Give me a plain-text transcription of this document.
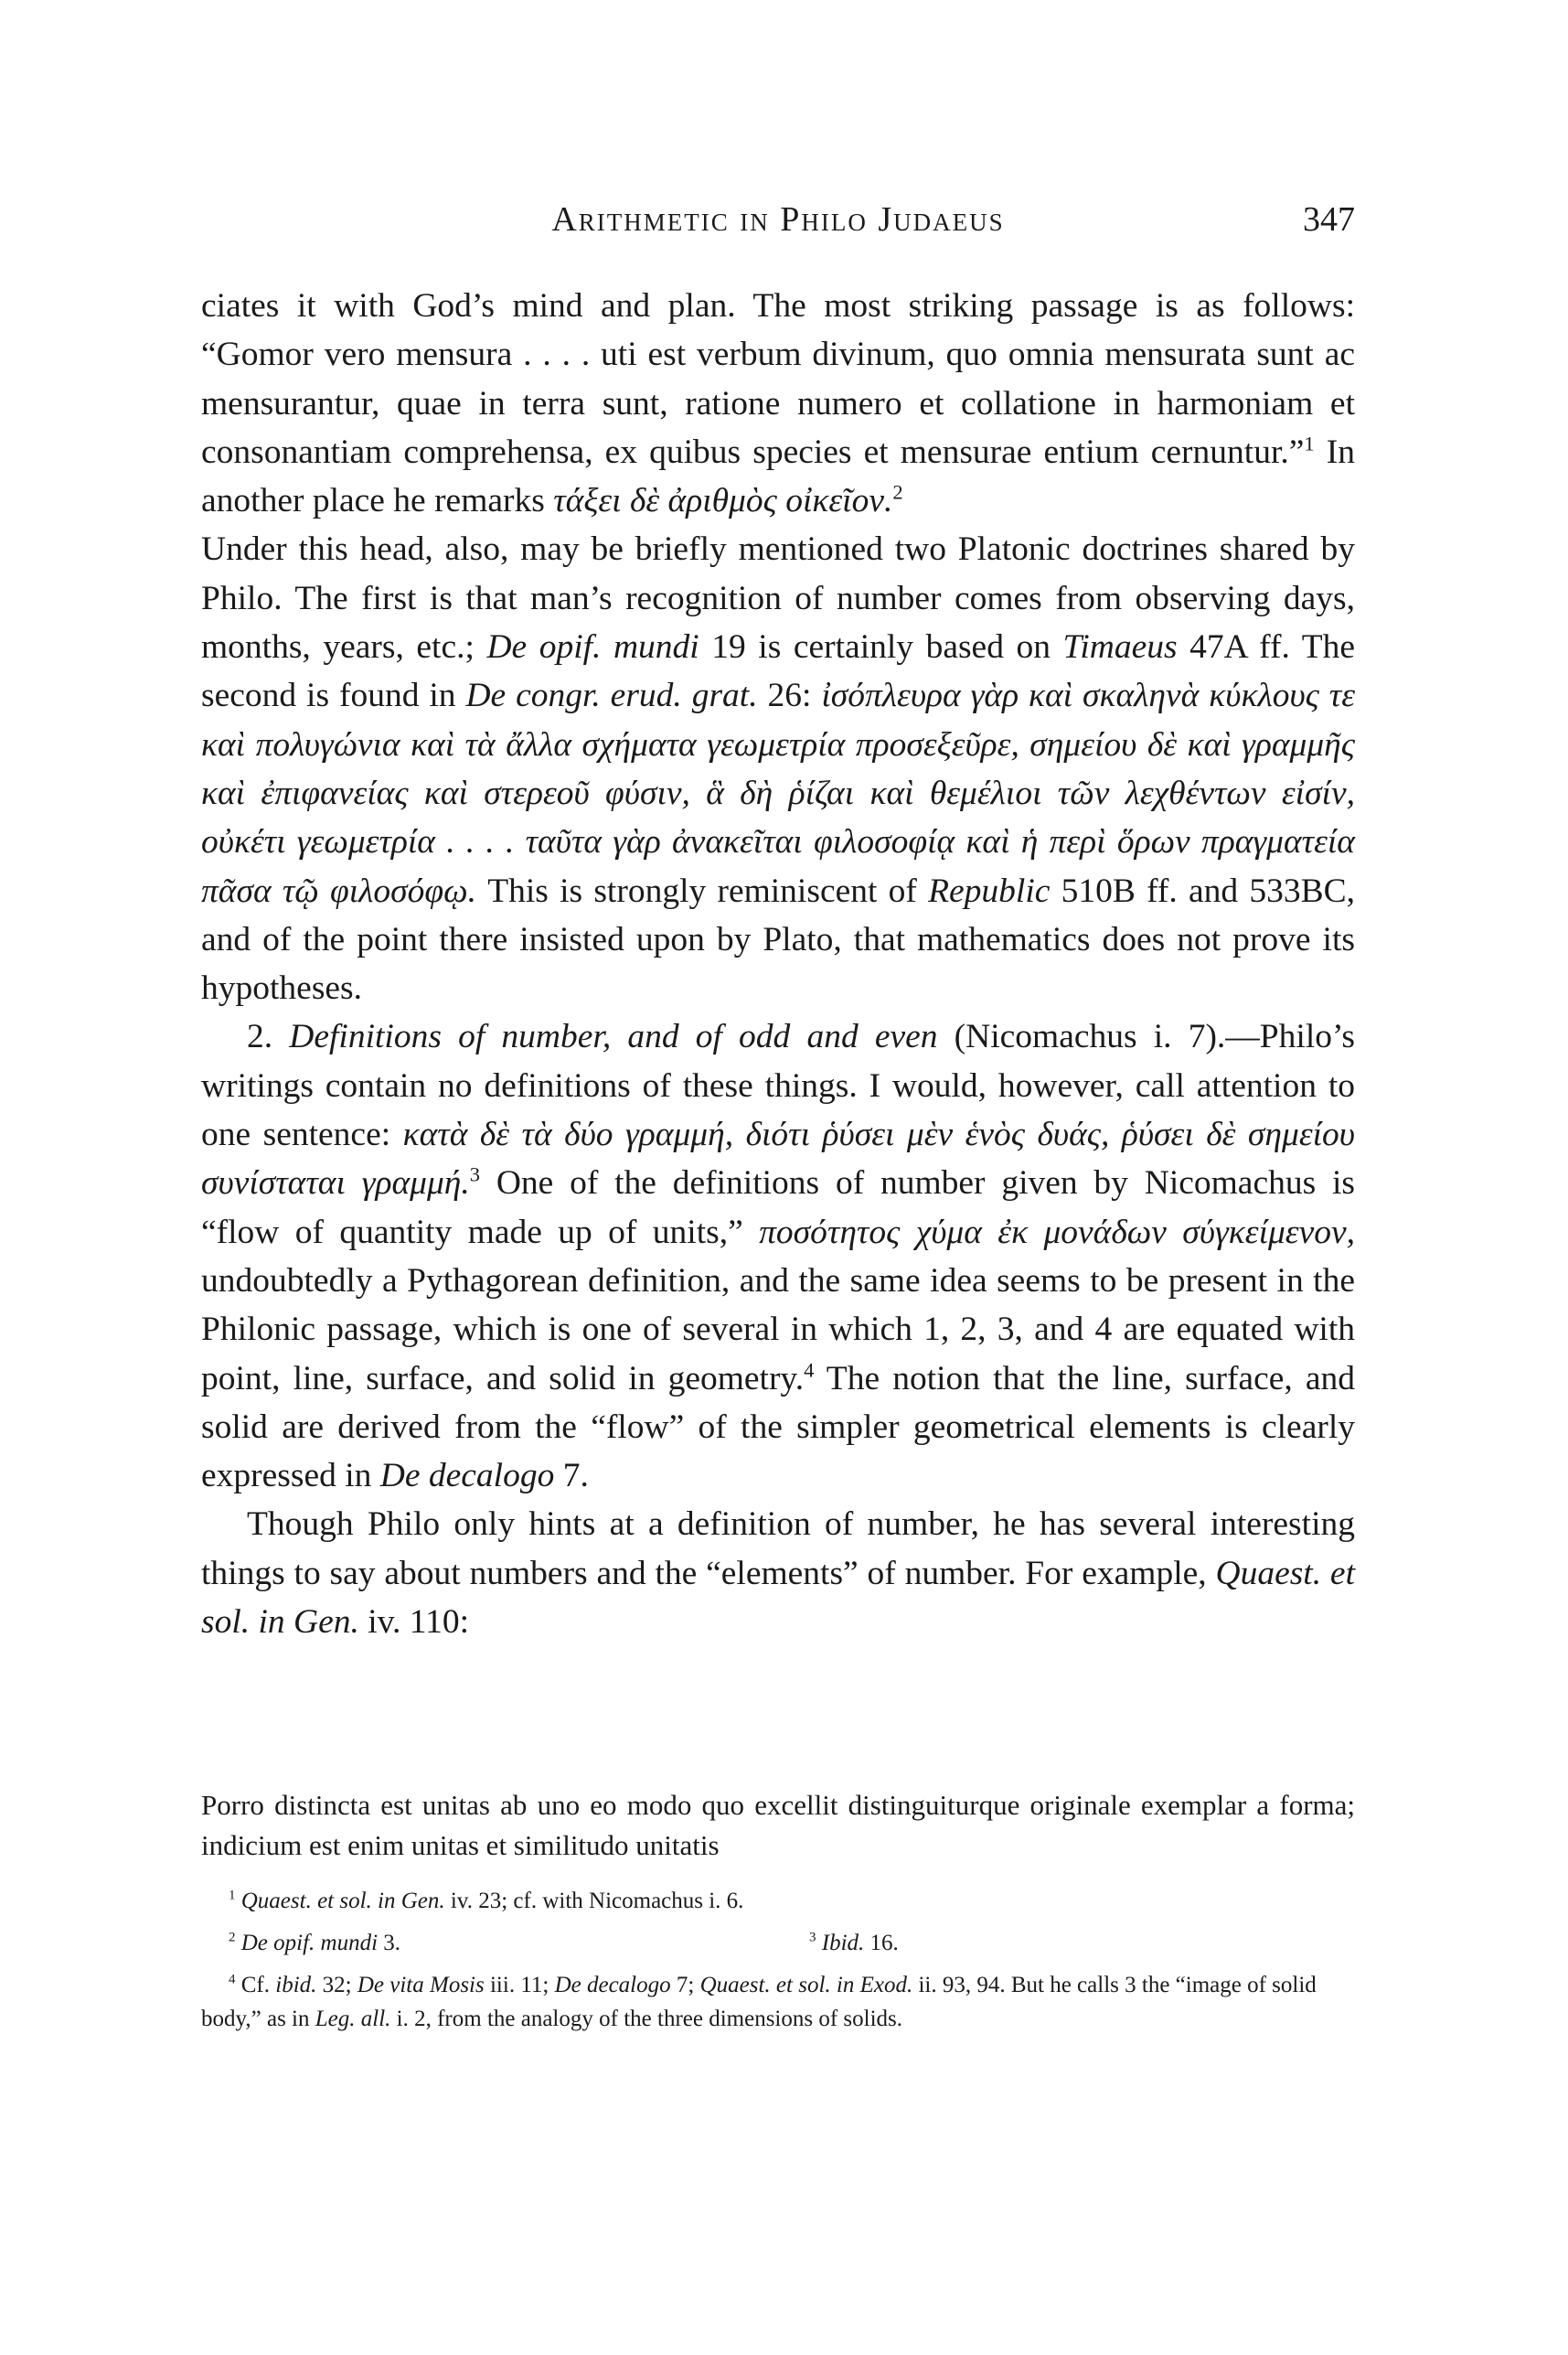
Arithmetic in Philo Judaeus	347

ciates it with God’s mind and plan. The most striking passage is as follows: “Gomor vero mensura . . . . uti est verbum divinum, quo omnia mensurata sunt ac mensurantur, quae in terra sunt, ratione numero et collatione in harmoniam et consonantiam comprehensa, ex quibus species et mensurae entium cernuntur.”$^1$ In another place he remarks τάξει δὲ ἀριθμὸς οἰκεῖον.$^2$

Under this head, also, may be briefly mentioned two Platonic doctrines shared by Philo. The first is that man’s recognition of number comes from observing days, months, years, etc.; De opif. mundi 19 is certainly based on Timaeus 47A ff. The second is found in De congr. erud. grat. 26: ἰσόπλευρα γὰρ καὶ σκαληνὰ κύκλους τε καὶ πολυγώνια καὶ τὰ ἄλλα σχήματα γεωμετρία προσεξεῦρε, σημείου δὲ καὶ γραμμῆς καὶ ἐπιφανείας καὶ στερεοῦ φύσιν, ἃ δὴ ῥίζαι καὶ θεμέλιοι τῶν λεχθέντων εἰσίν, οὐκέτι γεωμετρία . . . . ταῦτα γὰρ ἀνακεῖται φιλοσοφίᾳ καὶ ἡ περὶ ὅρων πραγματεία πᾶσα τῷ φιλοσόφῳ. This is strongly reminiscent of Republic 510B ff. and 533BC, and of the point there insisted upon by Plato, that mathematics does not prove its hypotheses.

2. Definitions of number, and of odd and even (Nicomachus i. 7).—Philo’s writings contain no definitions of these things. I would, however, call attention to one sentence: κατὰ δὲ τὰ δύο γραμμή, διότι ῥύσει μὲν ἑνὸς δυάς, ῥύσει δὲ σημείου συνίσταται γραμμή.$^3$ One of the definitions of number given by Nicomachus is “flow of quantity made up of units,” ποσότητος χύμα ἐκ μονάδων σύγκείμενον, undoubtedly a Pythagorean definition, and the same idea seems to be present in the Philonic passage, which is one of several in which 1, 2, 3, and 4 are equated with point, line, surface, and solid in geometry.$^4$ The notion that the line, surface, and solid are derived from the “flow” of the simpler geometrical elements is clearly expressed in De decalogo 7.

Though Philo only hints at a definition of number, he has several interesting things to say about numbers and the “elements” of number. For example, Quaest. et sol. in Gen. iv. 110:

Porro distincta est unitas ab uno eo modo quo excellit distinguiturque originale exemplar a forma; indicium est enim unitas et similitudo unitatis

$^1$ Quaest. et sol. in Gen. iv. 23; cf. with Nicomachus i. 6.

$^2$ De opif. mundi 3.	$^3$ Ibid. 16.

$^4$ Cf. ibid. 32; De vita Mosis iii. 11; De decalogo 7; Quaest. et sol. in Exod. ii. 93, 94. But he calls 3 the “image of solid body,” as in Leg. all. i. 2, from the analogy of the three dimensions of solids.
